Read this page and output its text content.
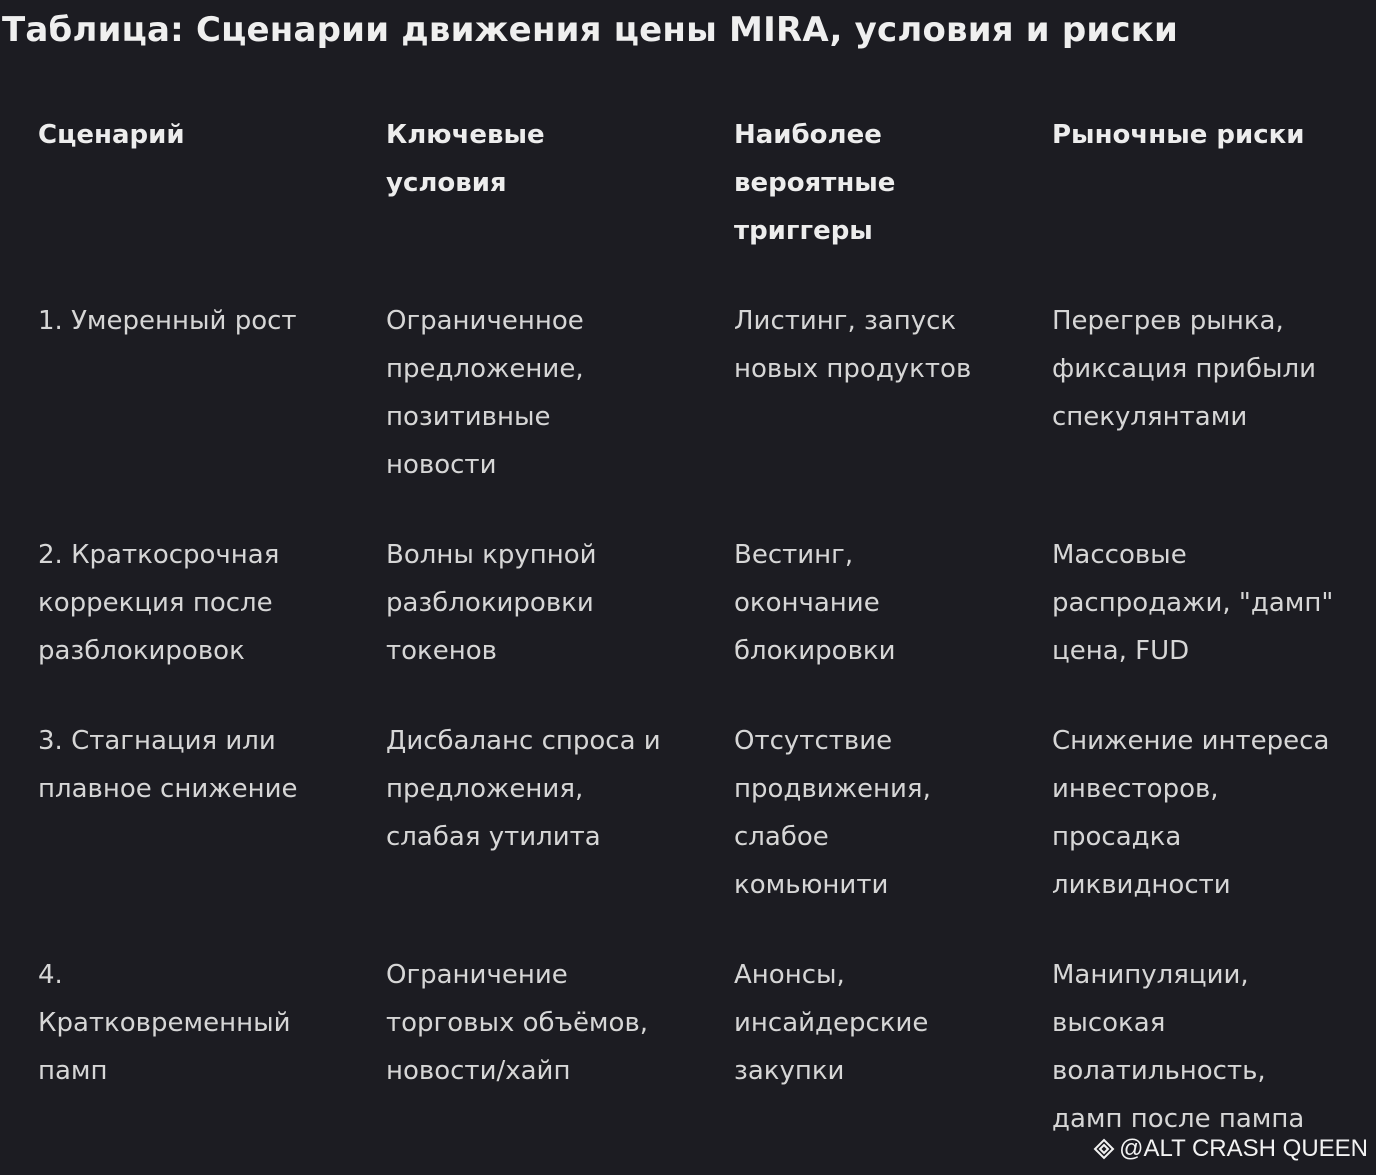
Таблица: Сценарии движения цены MIRA, условия и риски
Сценарий	Ключевые условия
Наиболее вероятные триггеры
Рыночные риски
1. Умеренный рост	Ограниченное предложение, позитивные новости
Листинг, запуск новых продуктов
Перегрев рынка, фиксация прибыли спекулянтами
2. Краткосрочная коррекция после разблокировок
Волны крупной разблокировки токенов
Вестинг, окончание блокировки
Массовые распродажи, "дамп" цена, FUD
3. Стагнация или плавное снижение
Дисбаланс спроса и предложения, слабая утилита
Отсутствие продвижения, слабое комьюнити
Снижение интереса инвесторов, просадка ликвидности
4. Кратковременный памп
Ограничение торговых объёмов, новости/хайп
Анонсы, инсайдерские закупки
Манипуляции, высокая волатильность, дамп после пампа
@ALT CRASH QUEEN
